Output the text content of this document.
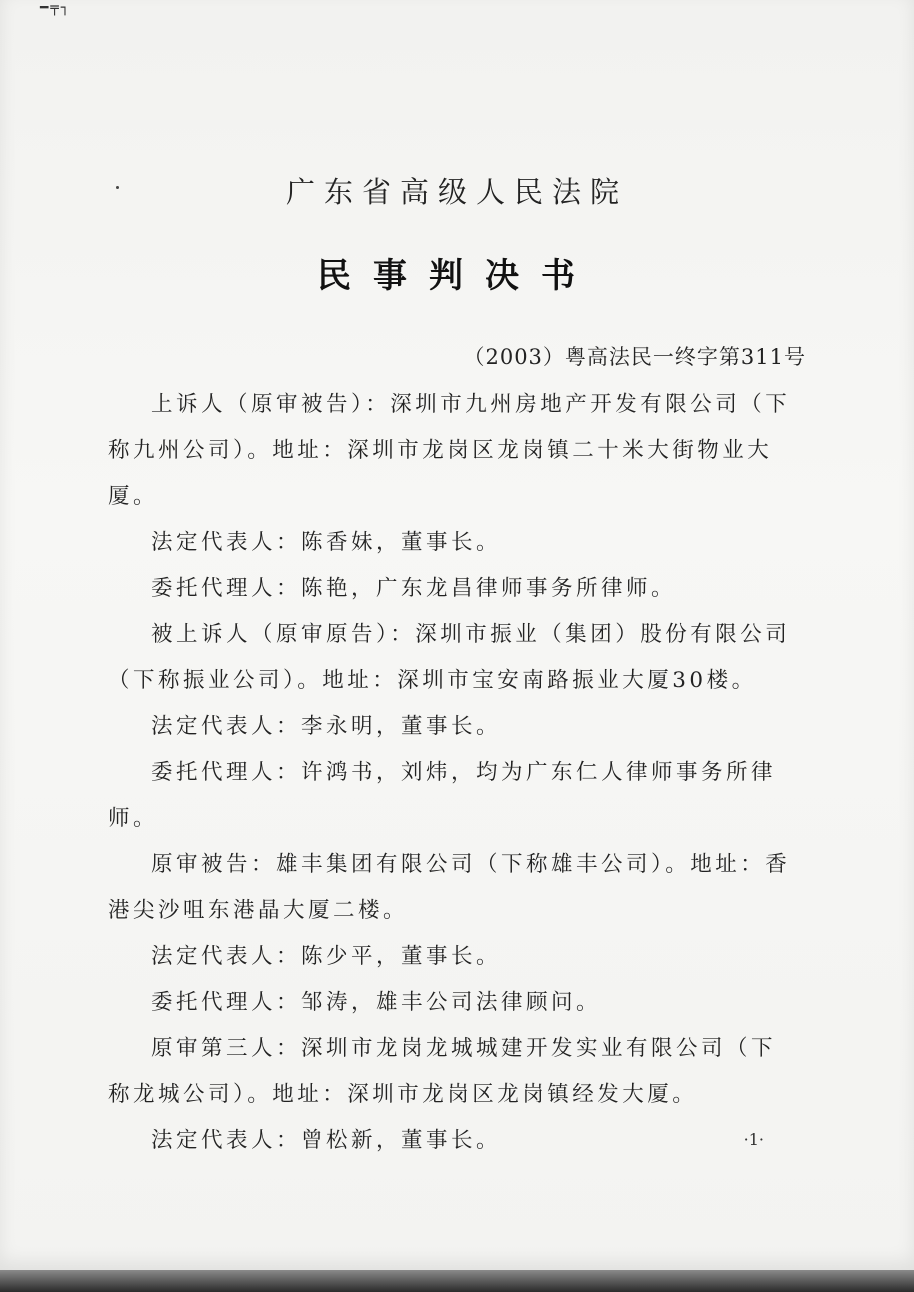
━╤┐
广东省高级人民法院
民事判决书
（2003）粤高法民一终字第311号

上诉人（原审被告）：深圳市九州房地产开发有限公司（下称九州公司）。地址：深圳市龙岗区龙岗镇二十米大街物业大厦。

法定代表人：陈香妹，董事长。

委托代理人：陈艳，广东龙昌律师事务所律师。

被上诉人（原审原告）：深圳市振业（集团）股份有限公司（下称振业公司）。地址：深圳市宝安南路振业大厦30楼。

法定代表人：李永明，董事长。

委托代理人：许鸿书，刘炜，均为广东仁人律师事务所律师。

原审被告：雄丰集团有限公司（下称雄丰公司）。地址：香港尖沙咀东港晶大厦二楼。

法定代表人：陈少平，董事长。

委托代理人：邹涛，雄丰公司法律顾问。

原审第三人：深圳市龙岗龙城城建开发实业有限公司（下称龙城公司）。地址：深圳市龙岗区龙岗镇经发大厦。

法定代表人：曾松新，董事长。	·1·
